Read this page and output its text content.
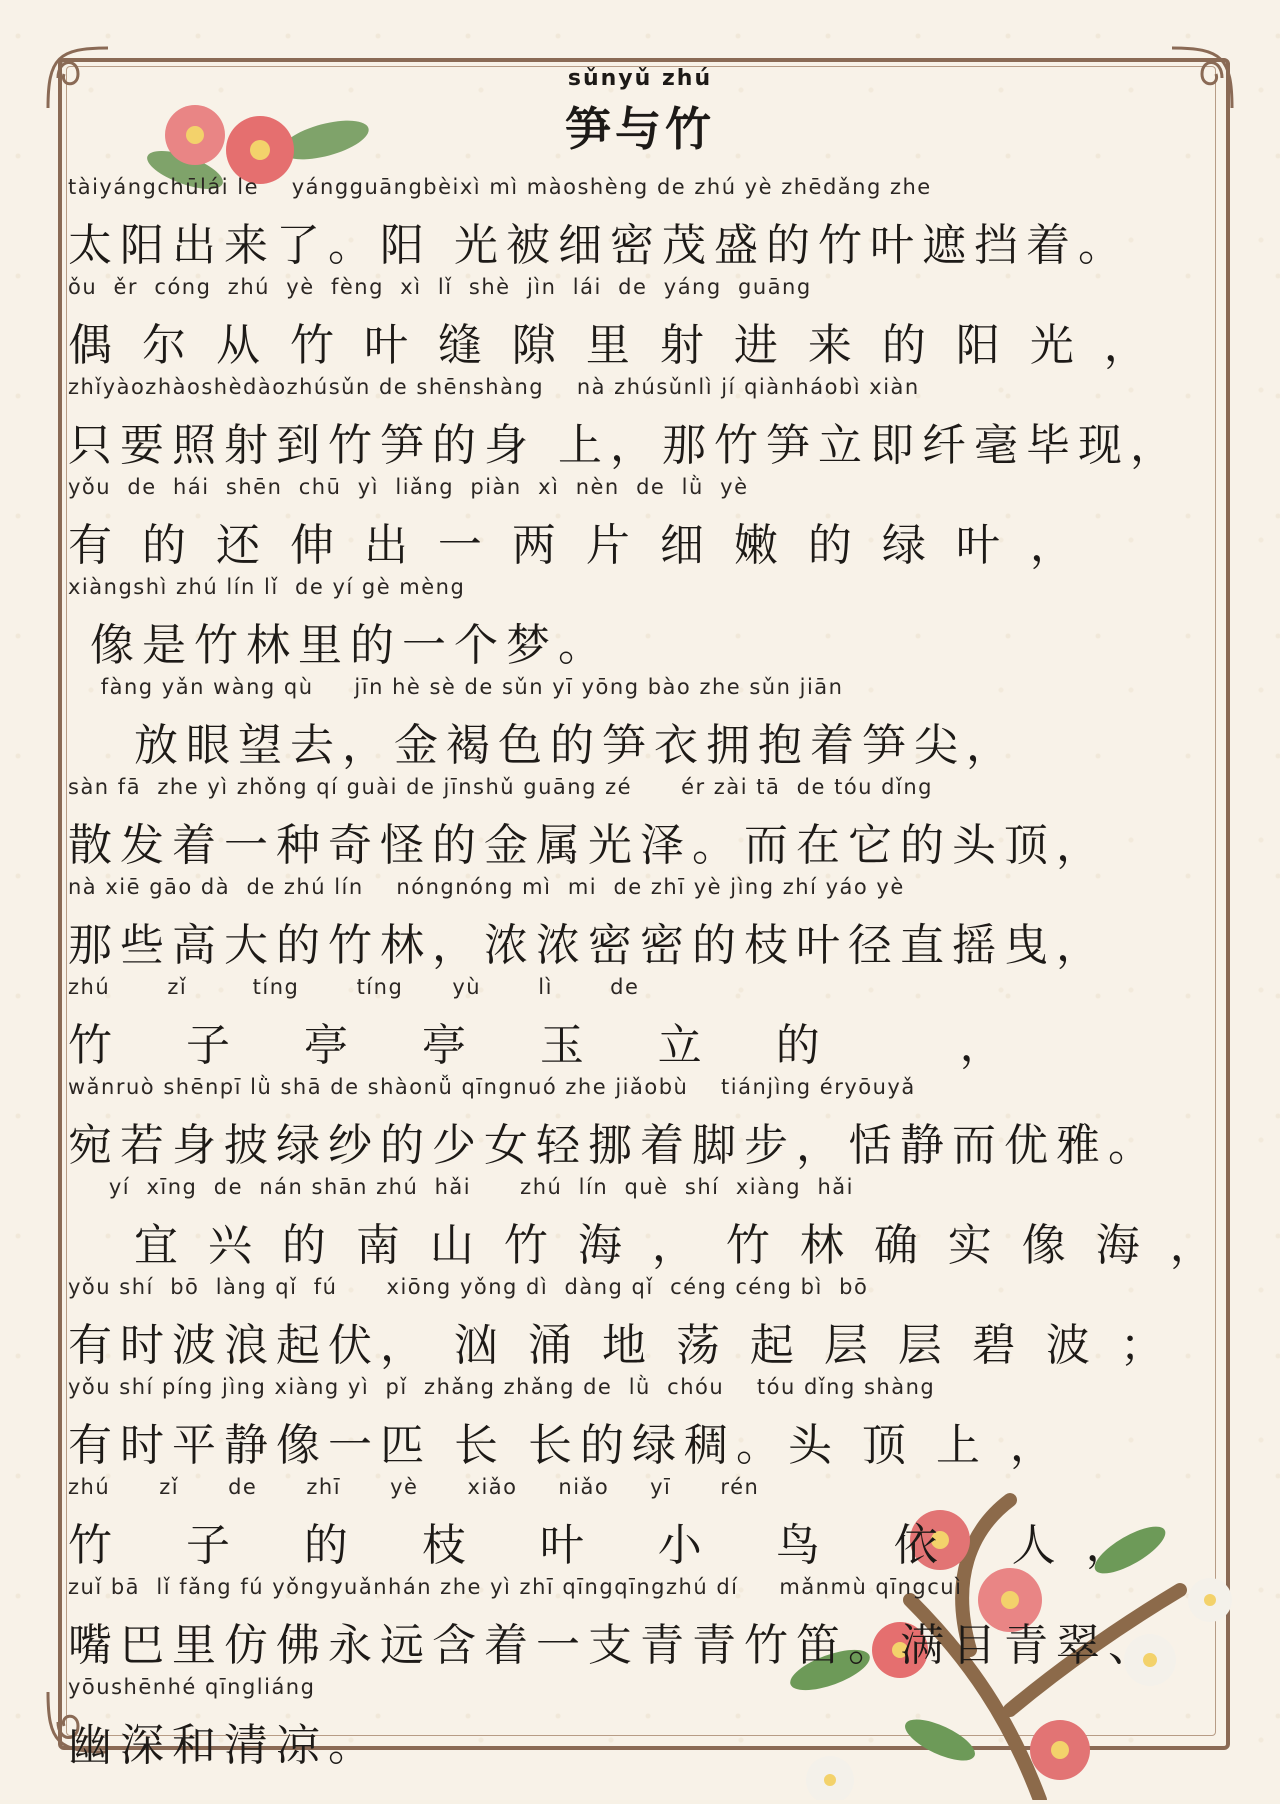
sǔnyǔ zhú
笋与竹
tàiyángchūlái le    yángguāngbèixì mì màoshèng de zhú yè zhēdǎng zhe
太阳出来了。阳 光被细密茂盛的竹叶遮挡着。
ǒu  ěr  cóng  zhú  yè  fèng  xì  lǐ  shè  jìn  lái  de  yáng  guāng
偶 尔 从 竹 叶 缝 隙 里 射 进 来 的 阳 光 ，
zhǐyàozhàoshèdàozhúsǔn de shēnshàng    nà zhúsǔnlì jí qiànháobì xiàn
只要照射到竹笋的身 上，那竹笋立即纤毫毕现，
yǒu  de  hái  shēn  chū  yì  liǎng  piàn  xì  nèn  de  lǜ  yè
有 的 还 伸 出 一 两 片 细 嫩 的 绿 叶 ，
xiàngshì zhú lín lǐ  de yí gè mèng
像是竹林里的一个梦。
fàng yǎn wàng qù     jīn hè sè de sǔn yī yōng bào zhe sǔn jiān
放眼望去，金褐色的笋衣拥抱着笋尖，
sàn fā  zhe yì zhǒng qí guài de jīnshǔ guāng zé      ér zài tā  de tóu dǐng
散发着一种奇怪的金属光泽。而在它的头顶，
nà xiē gāo dà  de zhú lín    nóngnóng mì  mi  de zhī yè jìng zhí yáo yè
那些高大的竹林，浓浓密密的枝叶径直摇曳，
zhú       zǐ        tíng       tíng      yù       lì       de
竹   子   亭   亭   玉   立   的      ，
wǎnruò shēnpī lǜ shā de shàonǚ qīngnuó zhe jiǎobù    tiánjìng éryōuyǎ
宛若身披绿纱的少女轻挪着脚步，恬静而优雅。
yí  xīng  de  nán shān zhú  hǎi      zhú  lín  què  shí  xiàng  hǎi
宜 兴 的 南 山 竹 海 ， 竹 林 确 实 像 海 ，
yǒu shí  bō  làng qǐ  fú      xiōng yǒng dì  dàng qǐ  céng céng bì  bō
有时波浪起伏， 汹 涌 地 荡 起 层 层 碧 波 ；
yǒu shí píng jìng xiàng yì  pǐ  zhǎng zhǎng de  lǜ  chóu    tóu dǐng shàng
有时平静像一匹 长 长的绿稠。头 顶 上 ，
zhú      zǐ      de      zhī      yè      xiǎo     niǎo     yī      rén
竹   子   的   枝   叶   小   鸟   依   人 ，
zuǐ bā  lǐ fǎng fú yǒngyuǎnhán zhe yì zhī qīngqīngzhú dí     mǎnmù qīngcuì
嘴巴里仿佛永远含着一支青青竹笛。满目青翠、
yōushēnhé qīngliáng
幽深和清凉。
